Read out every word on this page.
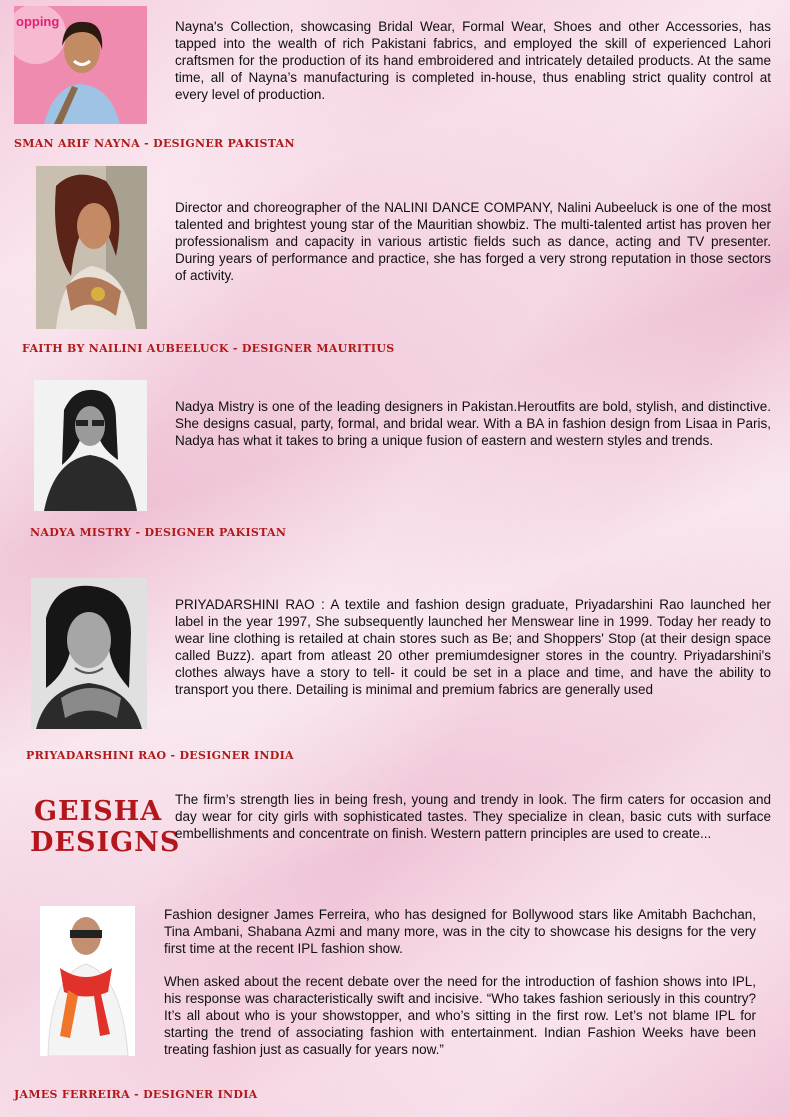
opping	Nayna's Collection, showcasing Bridal Wear, Formal Wear, Shoes and other Accessories, has tapped into the wealth of rich Pakistani fabrics, and employed the skill of experienced Lahori craftsmen for the production of its hand embroidered and intricately detailed products. At the same time, all of Nayna’s manufacturing is completed in-house, thus enabling strict quality control at every level of production.

SMAN ARIF NAYNA - DESIGNER PAKISTAN

Director and choreographer of the NALINI DANCE COMPANY, Nalini Aubeeluck is one of the most talented and brightest young star of the Mauritian showbiz. The multi-talented artist has proven her professionalism and capacity in various artistic fields such as dance, acting and TV presenter. During years of performance and practice, she has forged a very strong reputation in those sectors of activity.

FAITH BY NAILINI AUBEELUCK - DESIGNER MAURITIUS

Nadya Mistry is one of the leading designers in Pakistan.Heroutfits are bold, stylish, and distinctive. She designs casual, party, formal, and bridal wear. With a BA in fashion design from Lisaa in Paris, Nadya has what it takes to bring a unique fusion of eastern and western styles and trends.

NADYA MISTRY - DESIGNER PAKISTAN

PRIYADARSHINI RAO : A textile and fashion design graduate, Priyadarshini Rao launched her label in the year 1997, She subsequently launched her Menswear line in 1999. Today her ready to wear line clothing is retailed at chain stores such as Be; and Shoppers' Stop (at their design space called Buzz). apart from atleast 20 other premiumdesigner stores in the country. Priyadarshini's clothes always have a story to tell- it could be set in a place and time, and have the ability to transport you there. Detailing is minimal and premium fabrics are generally used

PRIYADARSHINI RAO - DESIGNER INDIA
GEISHA
DESIGNS

The firm’s strength lies in being fresh, young and trendy in look. The firm caters for occasion and day wear for city girls with sophisticated tastes. They specialize in clean, basic cuts with surface embellishments and concentrate on finish. Western pattern principles are used to create...

Fashion designer James Ferreira, who has designed for Bollywood stars like Amitabh Bachchan, Tina Ambani, Shabana Azmi and many more, was in the city to showcase his designs for the very first time at the recent IPL fashion show.

When asked about the recent debate over the need for the introduction of fashion shows into IPL, his response was characteristically swift and incisive. “Who takes fashion seriously in this country? It’s all about who is your showstopper, and who’s sitting in the first row. Let’s not blame IPL for starting the trend of associating fashion with entertainment. Indian Fashion Weeks have been treating fashion just as casually for years now.”

JAMES FERREIRA - DESIGNER INDIA
